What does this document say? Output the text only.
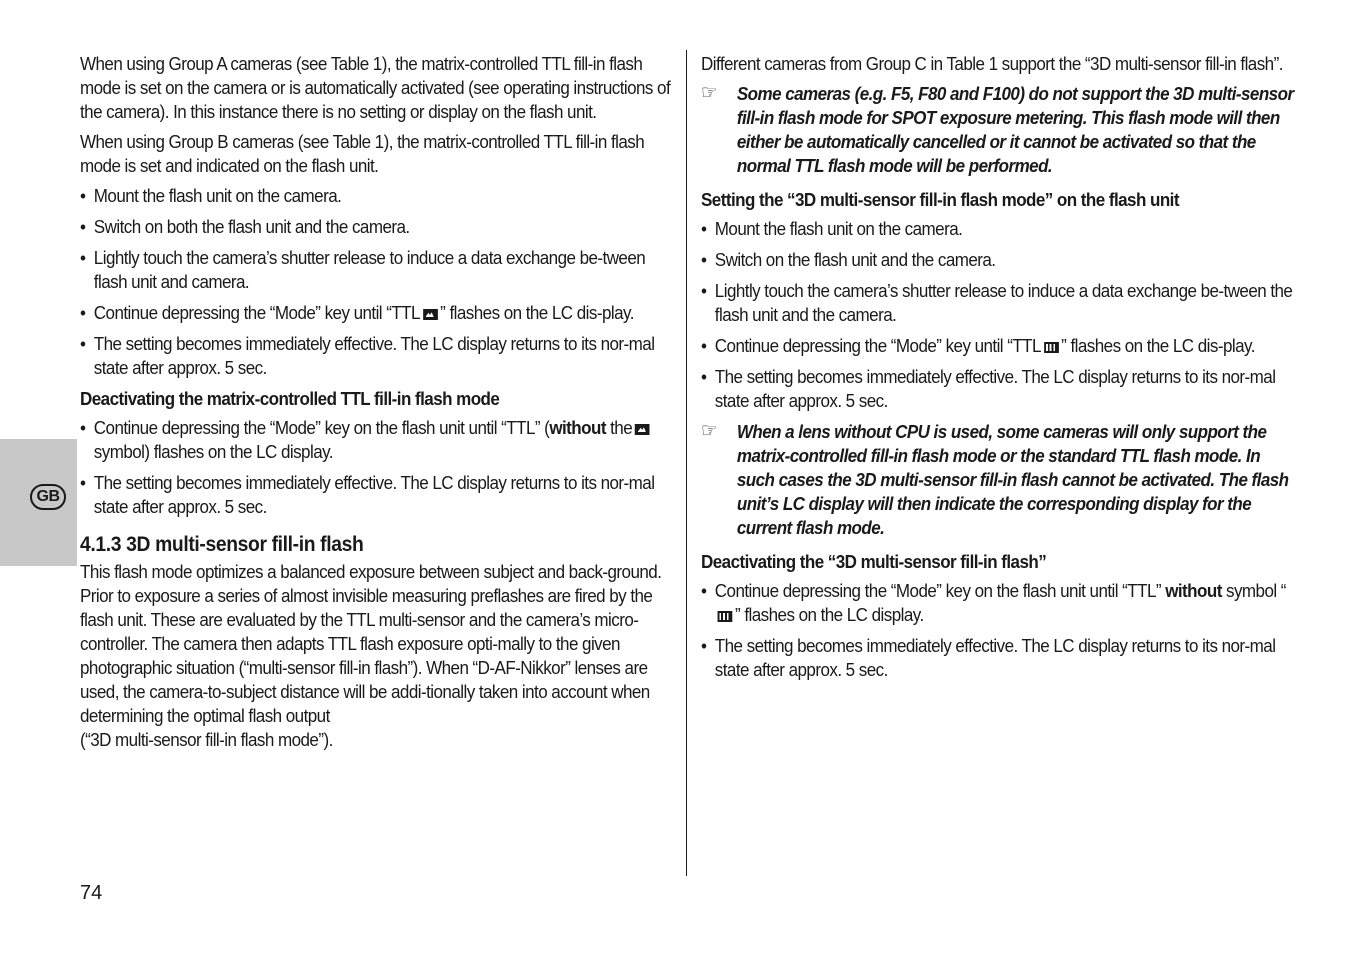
GB

When using Group A cameras (see Table 1), the matrix-controlled TTL fill-in flash mode is set on the camera or is automatically activated (see operating instructions of the camera). In this instance there is no setting or display on the flash unit.

When using Group B cameras (see Table 1), the matrix-controlled TTL fill-in flash mode is set and indicated on the flash unit.

• Mount the flash unit on the camera.
• Switch on both the flash unit and the camera.
• Lightly touch the camera’s shutter release to induce a data exchange be-tween flash unit and camera.
• Continue depressing the “Mode” key until “TTL ” flashes on the LC dis-play.
• The setting becomes immediately effective. The LC display returns to its nor-mal state after approx. 5 sec.

Deactivating the matrix-controlled TTL fill-in flash mode

• Continue depressing the “Mode” key on the flash unit until “TTL” (without thesymbol) flashes on the LC display.
• The setting becomes immediately effective. The LC display returns to its nor-mal state after approx. 5 sec.

4.1.3 3D multi-sensor fill-in flash

This flash mode optimizes a balanced exposure between subject and back-ground. Prior to exposure a series of almost invisible measuring preflashes are fired by the flash unit. These are evaluated by the TTL multi-sensor and the camera’s micro-controller. The camera then adapts TTL flash exposure opti-mally to the given photographic situation (“multi-sensor fill-in flash”). When “D-AF-Nikkor” lenses are used, the camera-to-subject distance will be addi-tionally taken into account when determining the optimal flash output

(“3D multi-sensor fill-in flash mode”).

Different cameras from Group C in Table 1 support the “3D multi-sensor fill-in flash”.

☞ Some cameras (e.g. F5, F80 and F100) do not support the 3D multi-sensor fill-in flash mode for SPOT exposure metering. This flash mode will then either be automatically cancelled or it cannot be activated so that the normal TTL flash mode will be performed.

Setting the “3D multi-sensor fill-in flash mode” on the flash unit

• Mount the flash unit on the camera.
• Switch on the flash unit and the camera.
• Lightly touch the camera’s shutter release to induce a data exchange be-tween the flash unit and the camera.
• Continue depressing the “Mode” key until “TTL ” flashes on the LC dis-play.
• The setting becomes immediately effective. The LC display returns to its nor-mal state after approx. 5 sec.
☞ When a lens without CPU is used, some cameras will only support the matrix-controlled fill-in flash mode or the standard TTL flash mode. In such cases the 3D multi-sensor fill-in flash cannot be activated. The flash unit’s LC display will then indicate the corresponding display for the current flash mode.

Deactivating the “3D multi-sensor fill-in flash”

• Continue depressing the “Mode” key on the flash unit until “TTL” without symbol “” flashes on the LC display.
• The setting becomes immediately effective. The LC display returns to its nor-mal state after approx. 5 sec.
74
